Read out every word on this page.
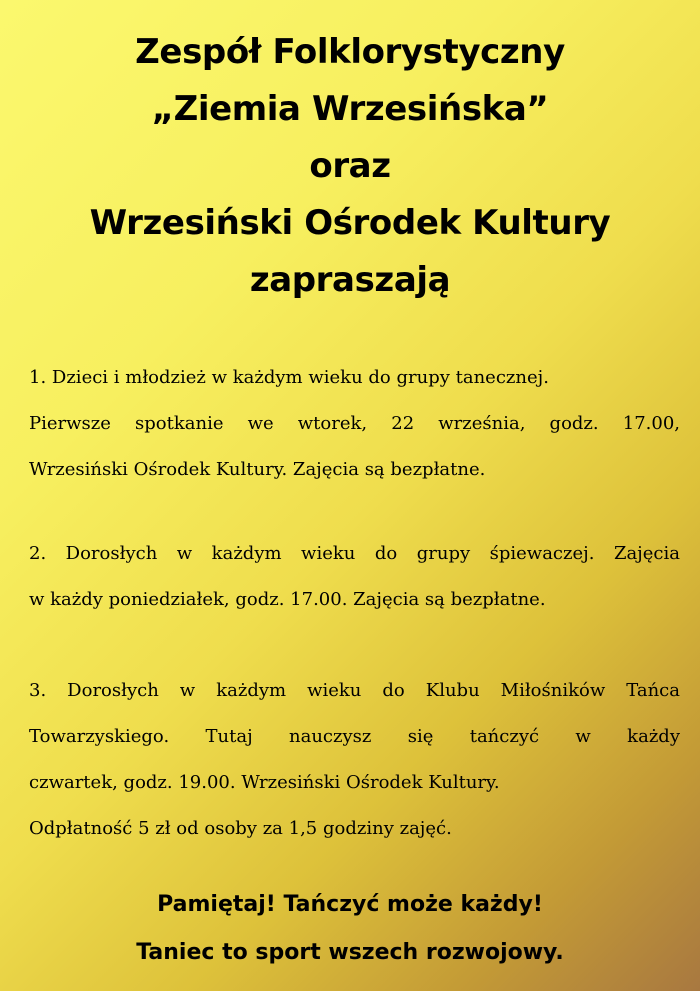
Zespół Folklorystyczny
„Ziemia Wrzesińska”
oraz
Wrzesiński Ośrodek Kultury
zapraszają
1. Dzieci i młodzież w każdym wieku do grupy tanecznej.
Pierwsze spotkanie we wtorek, 22 września, godz. 17.00,
Wrzesiński Ośrodek Kultury. Zajęcia są bezpłatne.
2. Dorosłych w każdym wieku do grupy śpiewaczej. Zajęcia
w każdy poniedziałek, godz. 17.00. Zajęcia są bezpłatne.
3. Dorosłych w każdym wieku do Klubu Miłośników Tańca
Towarzyskiego. Tutaj nauczysz się tańczyć w każdy
czwartek, godz. 19.00. Wrzesiński Ośrodek Kultury.
Odpłatność 5 zł od osoby za 1,5 godziny zajęć.
Pamiętaj! Tańczyć może każdy!
Taniec to sport wszech rozwojowy.
